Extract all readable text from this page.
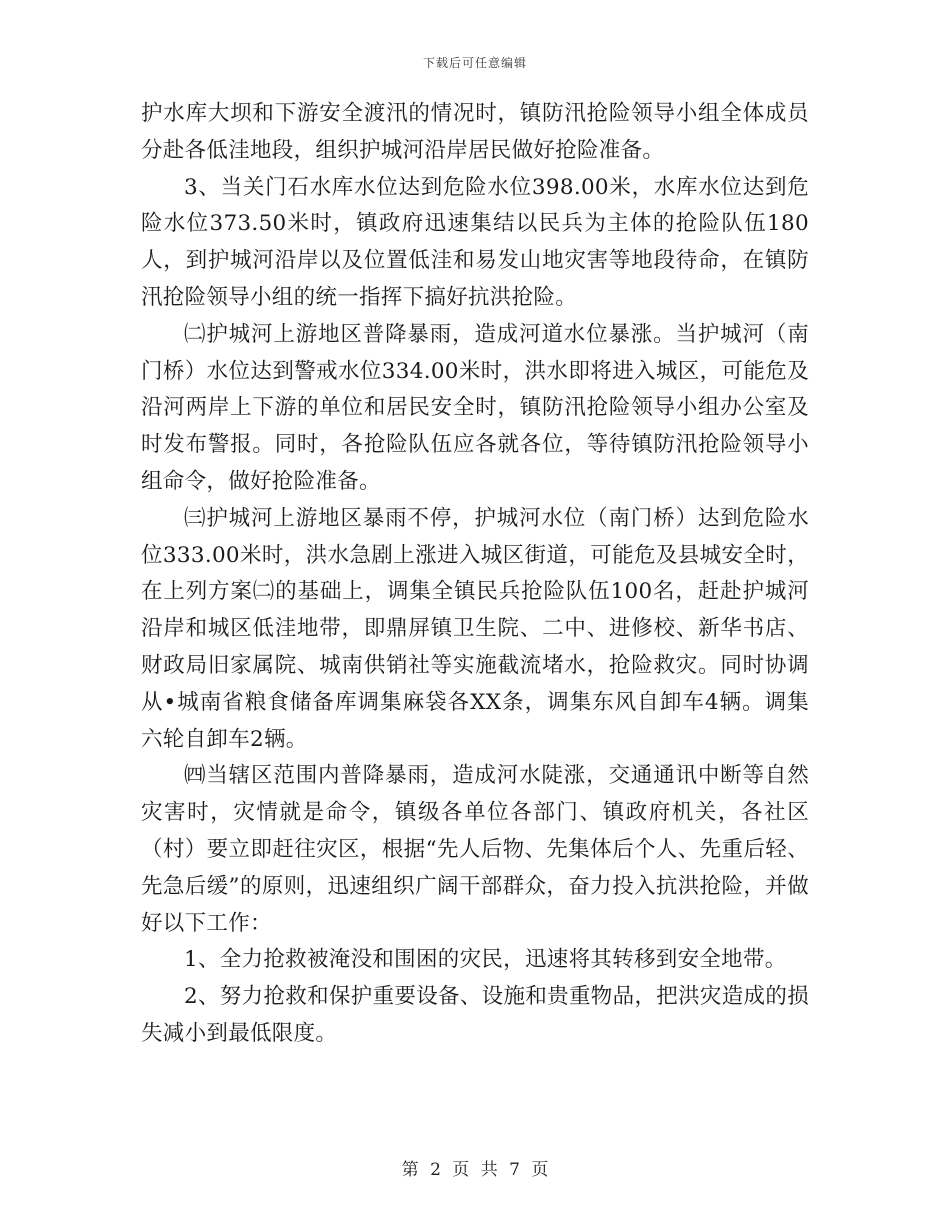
下载后可任意编辑

护水库大坝和下游安全渡汛的情况时，镇防汛抢险领导小组全体成员分赴各低洼地段，组织护城河沿岸居民做好抢险准备。

3、当关门石水库水位达到危险水位398.00米，水库水位达到危险水位373.50米时，镇政府迅速集结以民兵为主体的抢险队伍180人，到护城河沿岸以及位置低洼和易发山地灾害等地段待命，在镇防汛抢险领导小组的统一指挥下搞好抗洪抢险。

㈡护城河上游地区普降暴雨，造成河道水位暴涨。当护城河（南门桥）水位达到警戒水位334.00米时，洪水即将进入城区，可能危及沿河两岸上下游的单位和居民安全时，镇防汛抢险领导小组办公室及时发布警报。同时，各抢险队伍应各就各位，等待镇防汛抢险领导小组命令，做好抢险准备。

㈢护城河上游地区暴雨不停，护城河水位（南门桥）达到危险水位333.00米时，洪水急剧上涨进入城区街道，可能危及县城安全时，在上列方案㈡的基础上，调集全镇民兵抢险队伍100名，赶赴护城河沿岸和城区低洼地带，即鼎屏镇卫生院、二中、进修校、新华书店、财政局旧家属院、城南供销社等实施截流堵水，抢险救灾。同时协调从•城南省粮食储备库调集麻袋各XX条，调集东风自卸车4辆。调集六轮自卸车2辆。

㈣当辖区范围内普降暴雨，造成河水陡涨，交通通讯中断等自然灾害时，灾情就是命令，镇级各单位各部门、镇政府机关，各社区（村）要立即赶往灾区，根据“先人后物、先集体后个人、先重后轻、先急后缓”的原则，迅速组织广阔干部群众，奋力投入抗洪抢险，并做好以下工作：

1、全力抢救被淹没和围困的灾民，迅速将其转移到安全地带。

2、努力抢救和保护重要设备、设施和贵重物品，把洪灾造成的损失减小到最低限度。

第 2 页 共 7 页
